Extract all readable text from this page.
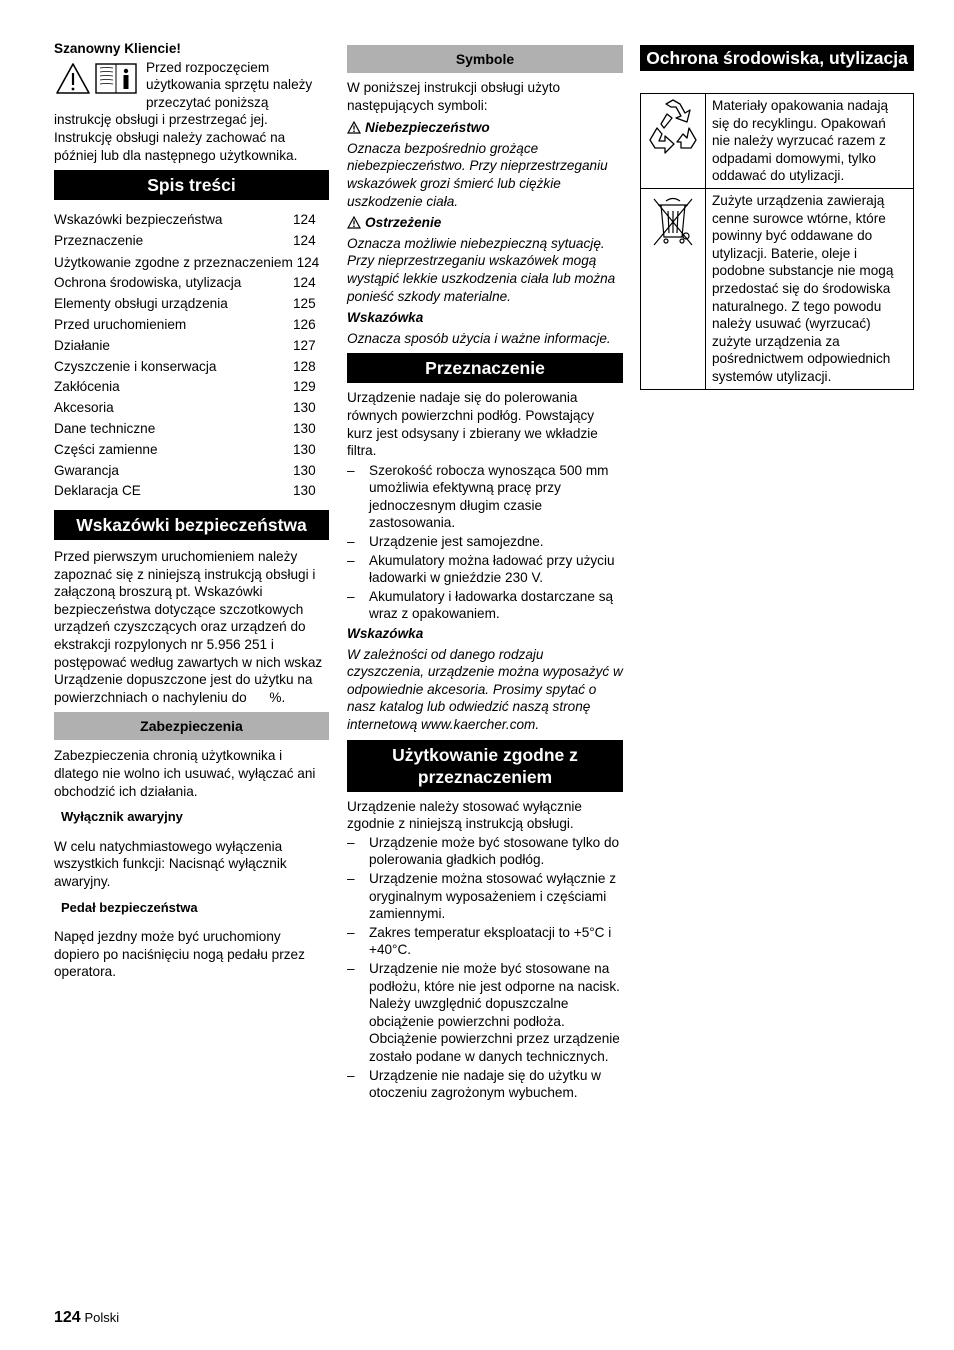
Szanowny Kliencie!

Przed rozpoczęciem użytkowania sprzętu należy przeczytać poniższą instrukcję obsługi i przestrzegać jej. Instrukcję obsługi należy zachować na później lub dla następnego użytkownika.

Spis treści
Wskazówki bezpieczeństwa	124
Przeznaczenie	124
Użytkowanie zgodne z przeznaczeniem 124
Ochrona środowiska, utylizacja	124
Elementy obsługi urządzenia	125
Przed uruchomieniem	126
Działanie	127
Czyszczenie i konserwacja	128
Zakłócenia	129
Akcesoria	130
Dane techniczne	130
Części zamienne	130
Gwarancja	130
Deklaracja CE	130
Wskazówki bezpieczeństwa

Przed pierwszym uruchomieniem należy zapoznać się z niniejszą instrukcją obsługi i załączoną broszurą pt. Wskazówki bezpieczeństwa dotyczące szczotkowych urządzeń czyszczących oraz urządzeń do ekstrakcji rozpylonych nr 5.956 251 i postępować według zawartych w nich wskaz

Urządzenie dopuszczone jest do użytku na powierzchniach o nachyleniu do      %.

Zabezpieczenia

Zabezpieczenia chronią użytkownika i dlatego nie wolno ich usuwać, wyłączać ani obchodzić ich działania.

Wyłącznik awaryjny

W celu natychmiastowego wyłączenia wszystkich funkcji: Nacisnąć wyłącznik awaryjny.

Pedał bezpieczeństwa

Napęd jezdny może być uruchomiony dopiero po naciśnięciu nogą pedału przez operatora.

Symbole

W poniższej instrukcji obsługi użyto następujących symboli:

Niebezpieczeństwo

Oznacza bezpośrednio grożące niebezpieczeństwo. Przy nieprzestrzeganiu wskazówek grozi śmierć lub ciężkie uszkodzenie ciała.

Ostrzeżenie

Oznacza możliwie niebezpieczną sytuację. Przy nieprzestrzeganiu wskazówek mogą wystąpić lekkie uszkodzenia ciała lub można ponieść szkody materialne.

Wskazówka

Oznacza sposób użycia i ważne informacje.

Przeznaczenie

Urządzenie nadaje się do polerowania równych powierzchni podłóg. Powstający kurz jest odsysany i zbierany we wkładzie filtra.

– Szerokość robocza wynosząca 500 mm umożliwia efektywną pracę przy jednoczesnym długim czasie zastosowania.
– Urządzenie jest samojezdne.
– Akumulatory można ładować przy użyciu ładowarki w gnieździe 230 V.
– Akumulatory i ładowarka dostarczane są wraz z opakowaniem.

Wskazówka

W zależności od danego rodzaju czyszczenia, urządzenie można wyposażyć w odpowiednie akcesoria. Prosimy spytać o nasz katalog lub odwiedzić naszą stronę internetową www.kaercher.com.

Użytkowanie zgodne z przeznaczeniem

Urządzenie należy stosować wyłącznie zgodnie z niniejszą instrukcją obsługi.

– Urządzenie może być stosowane tylko do polerowania gładkich podłóg.
– Urządzenie można stosować wyłącznie z oryginalnym wyposażeniem i częściami zamiennymi.
– Zakres temperatur eksploatacji to +5°C i +40°C.
– Urządzenie nie może być stosowane na podłożu, które nie jest odporne na nacisk. Należy uwzględnić dopuszczalne obciążenie powierzchni podłoża. Obciążenie powierzchni przez urządzenie zostało podane w danych technicznych.
– Urządzenie nie nadaje się do użytku w otoczeniu zagrożonym wybuchem.
Ochrona środowiska, utylizacja
	Materiały opakowania nadają się do recyklingu. Opakowań nie należy wyrzucać razem z odpadami domowymi, tylko oddawać do utylizacji.
	Zużyte urządzenia zawierają cenne surowce wtórne, które powinny być oddawane do utylizacji. Baterie, oleje i podobne substancje nie mogą przedostać się do środowiska naturalnego. Z tego powodu należy usuwać (wyrzucać) zużyte urządzenia za pośrednictwem odpowiednich systemów utylizacji.
124 Polski
